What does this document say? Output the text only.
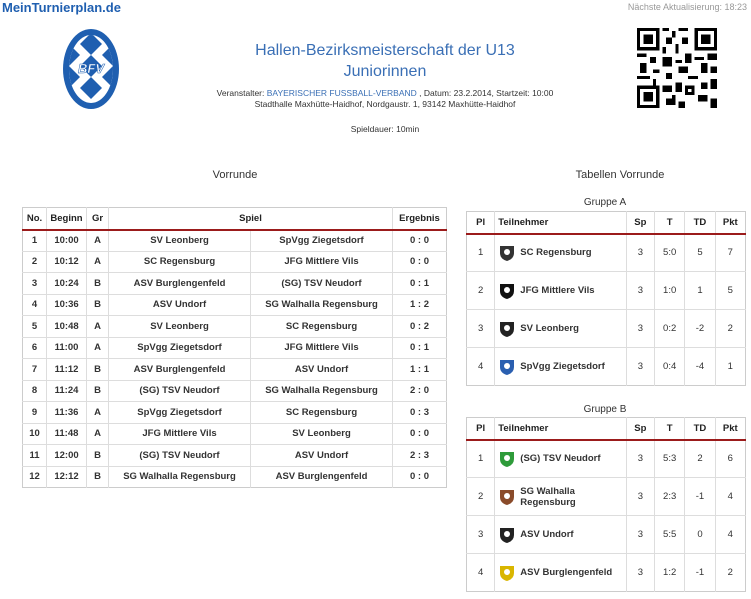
MeinTurnierplan.de	Nächste Aktualisierung: 18:23
BFV
Hallen-Bezirksmeisterschaft der U13
Juniorinnen
Veranstalter: BAYERISCHER FUSSBALL-VERBAND , Datum: 23.2.2014, Startzeit: 10:00
Stadthalle Maxhütte-Haidhof, Nordgaustr. 1, 93142 Maxhütte-Haidhof
Spieldauer: 10min
Vorrunde	Tabellen Vorrunde
Gruppe A
Gruppe B
No.	Beginn	Gr	Spiel		Ergebnis
1	10:00	A	SV Leonberg	SpVgg Ziegetsdorf	0 : 0
2	10:12	A	SC Regensburg	JFG Mittlere Vils	0 : 0
3	10:24	B	ASV Burglengenfeld	(SG) TSV Neudorf	0 : 1
4	10:36	B	ASV Undorf	SG Walhalla Regensburg	1 : 2
5	10:48	A	SV Leonberg	SC Regensburg	0 : 2
6	11:00	A	SpVgg Ziegetsdorf	JFG Mittlere Vils	0 : 1
7	11:12	B	ASV Burglengenfeld	ASV Undorf	1 : 1
8	11:24	B	(SG) TSV Neudorf	SG Walhalla Regensburg	2 : 0
9	11:36	A	SpVgg Ziegetsdorf	SC Regensburg	0 : 3
10	11:48	A	JFG Mittlere Vils	SV Leonberg	0 : 0
11	12:00	B	(SG) TSV Neudorf	ASV Undorf	2 : 3
12	12:12	B	SG Walhalla Regensburg	ASV Burglengenfeld	0 : 0
Pl	Teilnehmer	Sp	T	TD	Pkt
1	SC Regensburg	3	5:0	5	7
2	JFG Mittlere Vils	3	1:0	1	5
3	SV Leonberg	3	0:2	-2	2
4	SpVgg Ziegetsdorf	3	0:4	-4	1
Pl	Teilnehmer	Sp	T	TD	Pkt
1	(SG) TSV Neudorf	3	5:3	2	6
2	SG Walhalla Regensburg	3	2:3	-1	4
3	ASV Undorf	3	5:5	0	4
4	ASV Burglengenfeld	3	1:2	-1	2
